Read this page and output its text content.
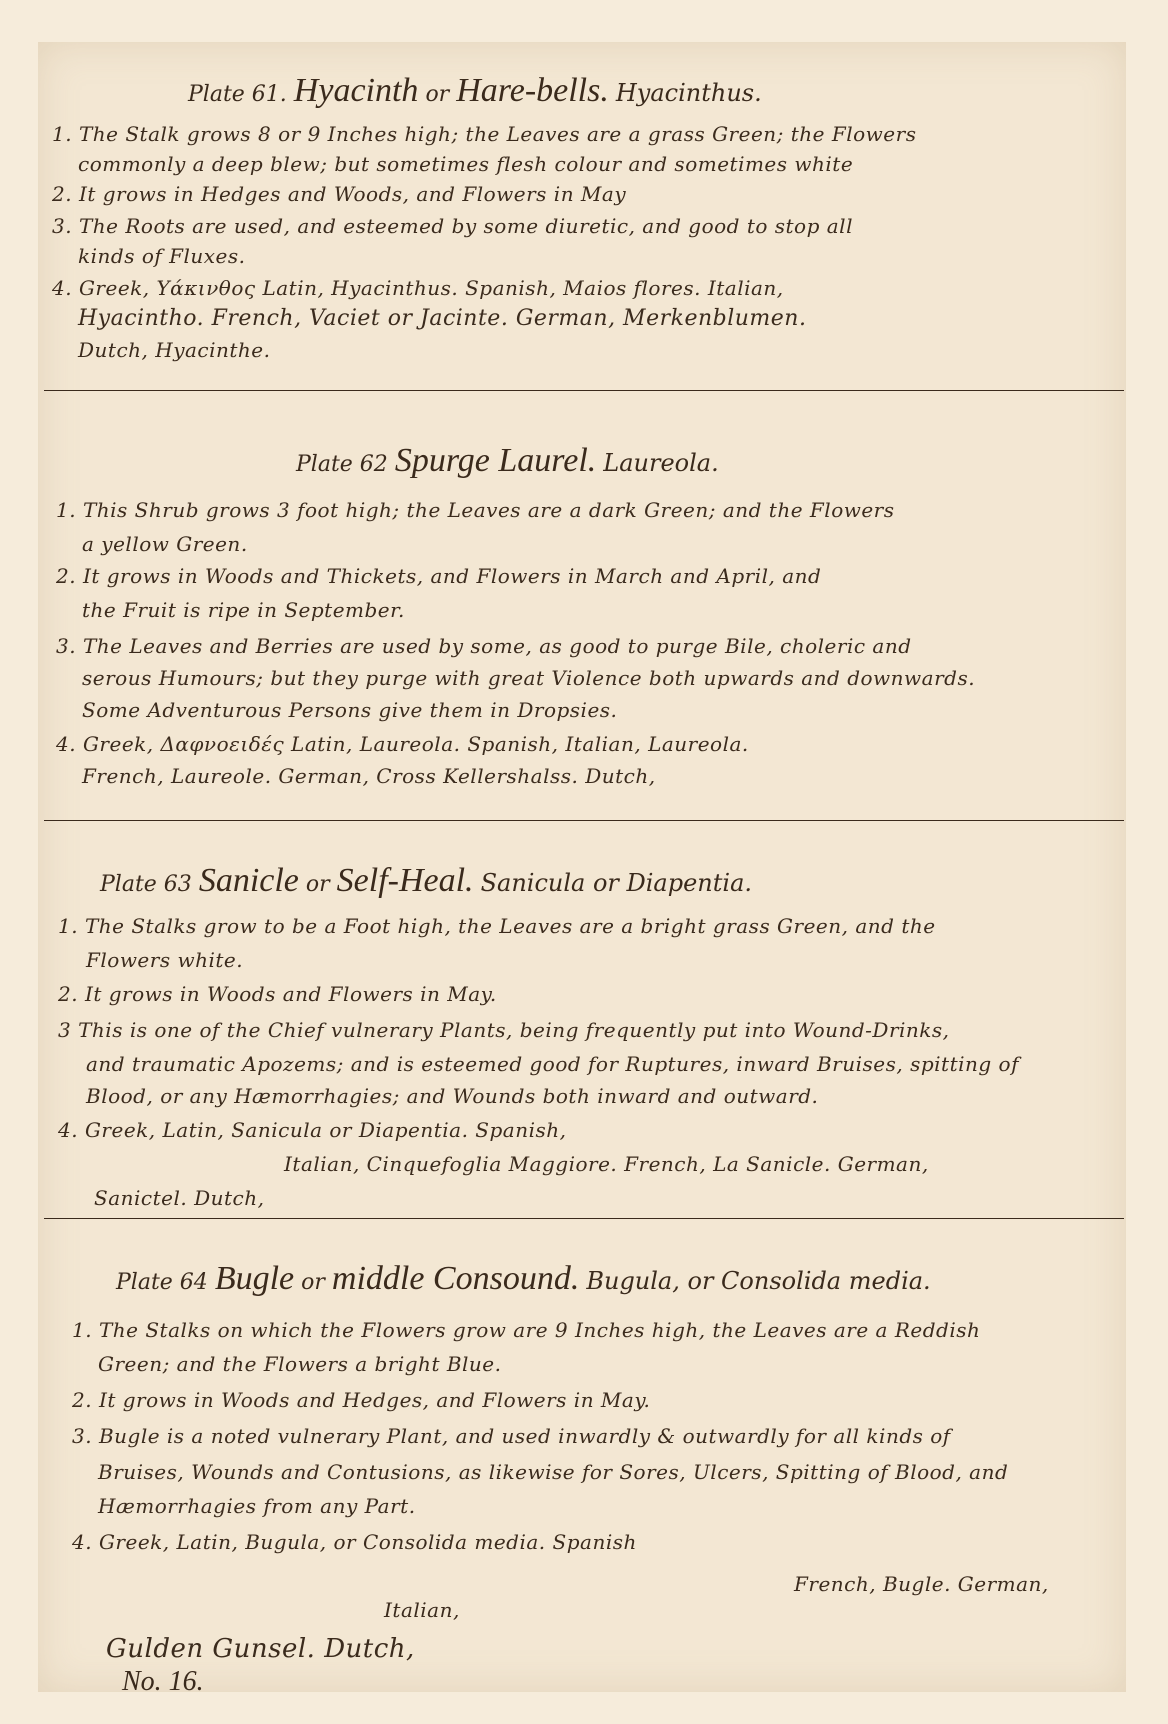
Plate 61. Hyacinth or Hare-bells. Hyacinthus.
1. The Stalk grows 8 or 9 Inches high; the Leaves are a grass Green; the Flowers
commonly a deep blew; but sometimes flesh colour and sometimes white
2. It grows in Hedges and Woods, and Flowers in May
3. The Roots are used, and esteemed by some diuretic, and good to stop all
kinds of Fluxes.
4. Greek, Υάκινθος Latin, Hyacinthus. Spanish, Maios flores. Italian,
Hyacintho. French, Vaciet or Jacinte. German, Merkenblumen.
Dutch, Hyacinthe.
Plate 62 Spurge Laurel. Laureola.
1. This Shrub grows 3 foot high; the Leaves are a dark Green; and the Flowers
a yellow Green.
2. It grows in Woods and Thickets, and Flowers in March and April, and
the Fruit is ripe in September.
3. The Leaves and Berries are used by some, as good to purge Bile, choleric and
serous Humours; but they purge with great Violence both upwards and downwards.
Some Adventurous Persons give them in Dropsies.
4. Greek, Δαφνοειδές Latin, Laureola. Spanish, Italian, Laureola.
French, Laureole. German, Cross Kellershalss. Dutch,
Plate 63 Sanicle or Self-Heal. Sanicula or Diapentia.
1. The Stalks grow to be a Foot high, the Leaves are a bright grass Green, and the
Flowers white.
2. It grows in Woods and Flowers in May.
3 This is one of the Chief vulnerary Plants, being frequently put into Wound-Drinks,
and traumatic Apozems; and is esteemed good for Ruptures, inward Bruises, spitting of
Blood, or any Hæmorrhagies; and Wounds both inward and outward.
4. Greek, Latin, Sanicula or Diapentia. Spanish,
Italian, Cinquefoglia Maggiore. French, La Sanicle. German,
Sanictel. Dutch,
Plate 64 Bugle or middle Consound. Bugula, or Consolida media.
1. The Stalks on which the Flowers grow are 9 Inches high, the Leaves are a Reddish
Green; and the Flowers a bright Blue.
2. It grows in Woods and Hedges, and Flowers in May.
3. Bugle is a noted vulnerary Plant, and used inwardly & outwardly for all kinds of
Bruises, Wounds and Contusions, as likewise for Sores, Ulcers, Spitting of Blood, and
Hæmorrhagies from any Part.
4. Greek, Latin, Bugula, or Consolida media. Spanish
French, Bugle. German,
Italian,
Gulden Gunsel. Dutch,
No. 16.
